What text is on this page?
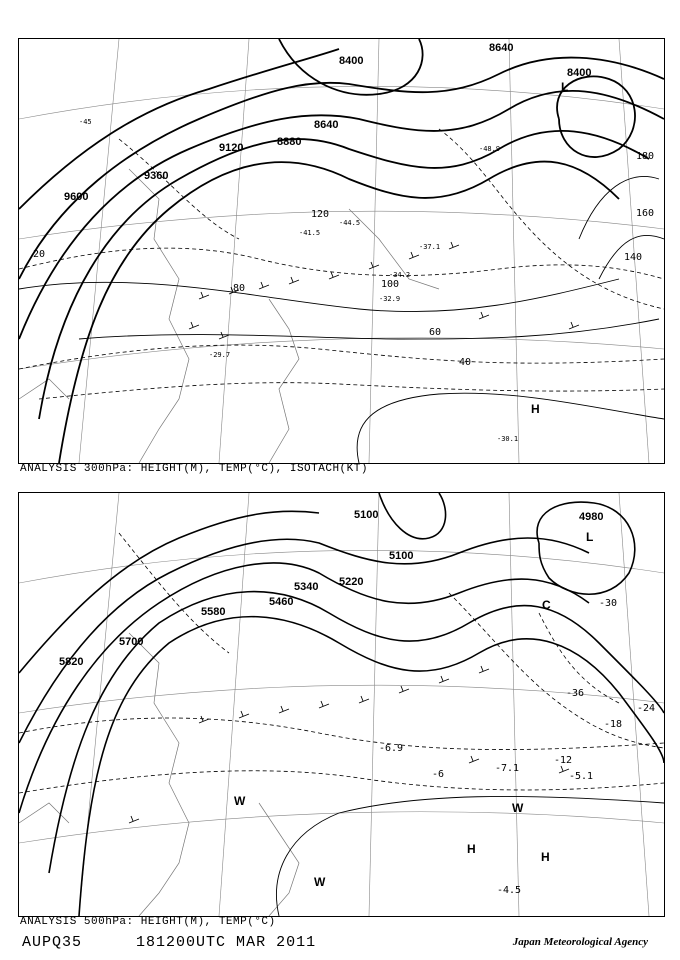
9600
9360
9120	8880
8640
8400
8400
8640
20
40
60
80	100
120
140
160
180
L
H
-45
-48.9
-44.5
-41.5
-37.1
-34.2
-32.9
-29.7
-30.1
ANALYSIS 300hPa: HEIGHT(M), TEMP(°C), ISOTACH(KT)
5820
5700
5580
5460
5340 5220
5100
5100
4980
-30
-36
-24
-18
-12
-6
-6.9
-7.1
-5.1
-4.5
L
C
H
H
W	W
W
ANALYSIS 500hPa: HEIGHT(M), TEMP(°C)
AUPQ35	181200UTC MAR 2011	Japan Meteorological Agency
